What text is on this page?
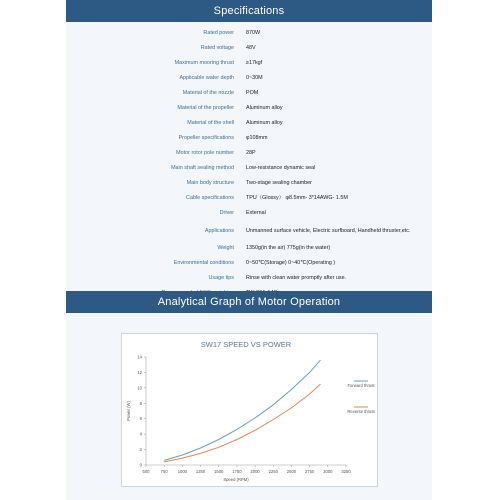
Specifications
Rated power	870W
Rated voltage	48V
Maximum mooring thrust	≥17kgf
Applicable water depth	0~30M
Material of the nozzle	POM
Material of the propeller	Aluminum alloy
Material of the shell	Aluminum alloy
Propeller specifications	φ108mm
Motor rotor pole number	28P
Main shaft sealing method	Low-resistance dynamic seal
Main body structure	Two-stage sealing chamber
Cable specifications	TPU（Glossy） φ8.5mm- 3*14AWG- 1.5M
Driver	External
Applications	Unmanned surface vehicle, Electric surfboard, Handheld thruster,etc.
Weight	1350g(in the air) 775g(in the water)
Environmental conditions	0~50℃(Storage) 0~40℃(Operating )
Usage tips	Rinse with clean water promptly after use.
Analytical Graph of Motor Operation
SW17 SPEED VS POWER
0
2
4
6
8
10
12
14
500	750 1000 1250 1500 1750 2000 2250 2500 2750 3000 3250
Speed (RPM)
Power (W)
Forward thrust
Reverse thrust
